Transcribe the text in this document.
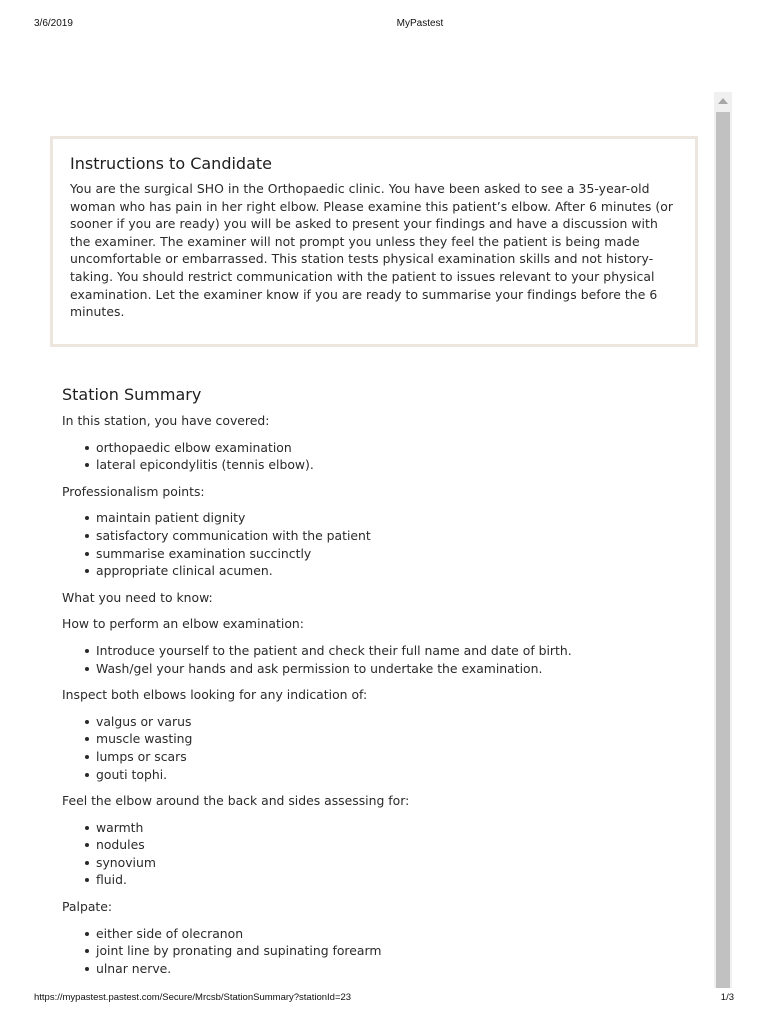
3/6/2019	MyPastest
Instructions to Candidate

You are the surgical SHO in the Orthopaedic clinic. You have been asked to see a 35-year-old woman who has pain in her right elbow. Please examine this patient’s elbow. After 6 minutes (or sooner if you are ready) you will be asked to present your findings and have a discussion with the examiner. The examiner will not prompt you unless they feel the patient is being made uncomfortable or embarrassed. This station tests physical examination skills and not history-taking. You should restrict communication with the patient to issues relevant to your physical examination. Let the examiner know if you are ready to summarise your findings before the 6 minutes.

Station Summary

In this station, you have covered:

orthopaedic elbow examination
lateral epicondylitis (tennis elbow).

Professionalism points:

maintain patient dignity
satisfactory communication with the patient
summarise examination succinctly
appropriate clinical acumen.

What you need to know:

How to perform an elbow examination:

Introduce yourself to the patient and check their full name and date of birth.
Wash/gel your hands and ask permission to undertake the examination.

Inspect both elbows looking for any indication of:

valgus or varus
muscle wasting
lumps or scars
gouti tophi.

Feel the elbow around the back and sides assessing for:

warmth
nodules
synovium
fluid.

Palpate:

either side of olecranon
joint line by pronating and supinating forearm
ulnar nerve.
https://mypastest.pastest.com/Secure/Mrcsb/StationSummary?stationId=23	1/3
